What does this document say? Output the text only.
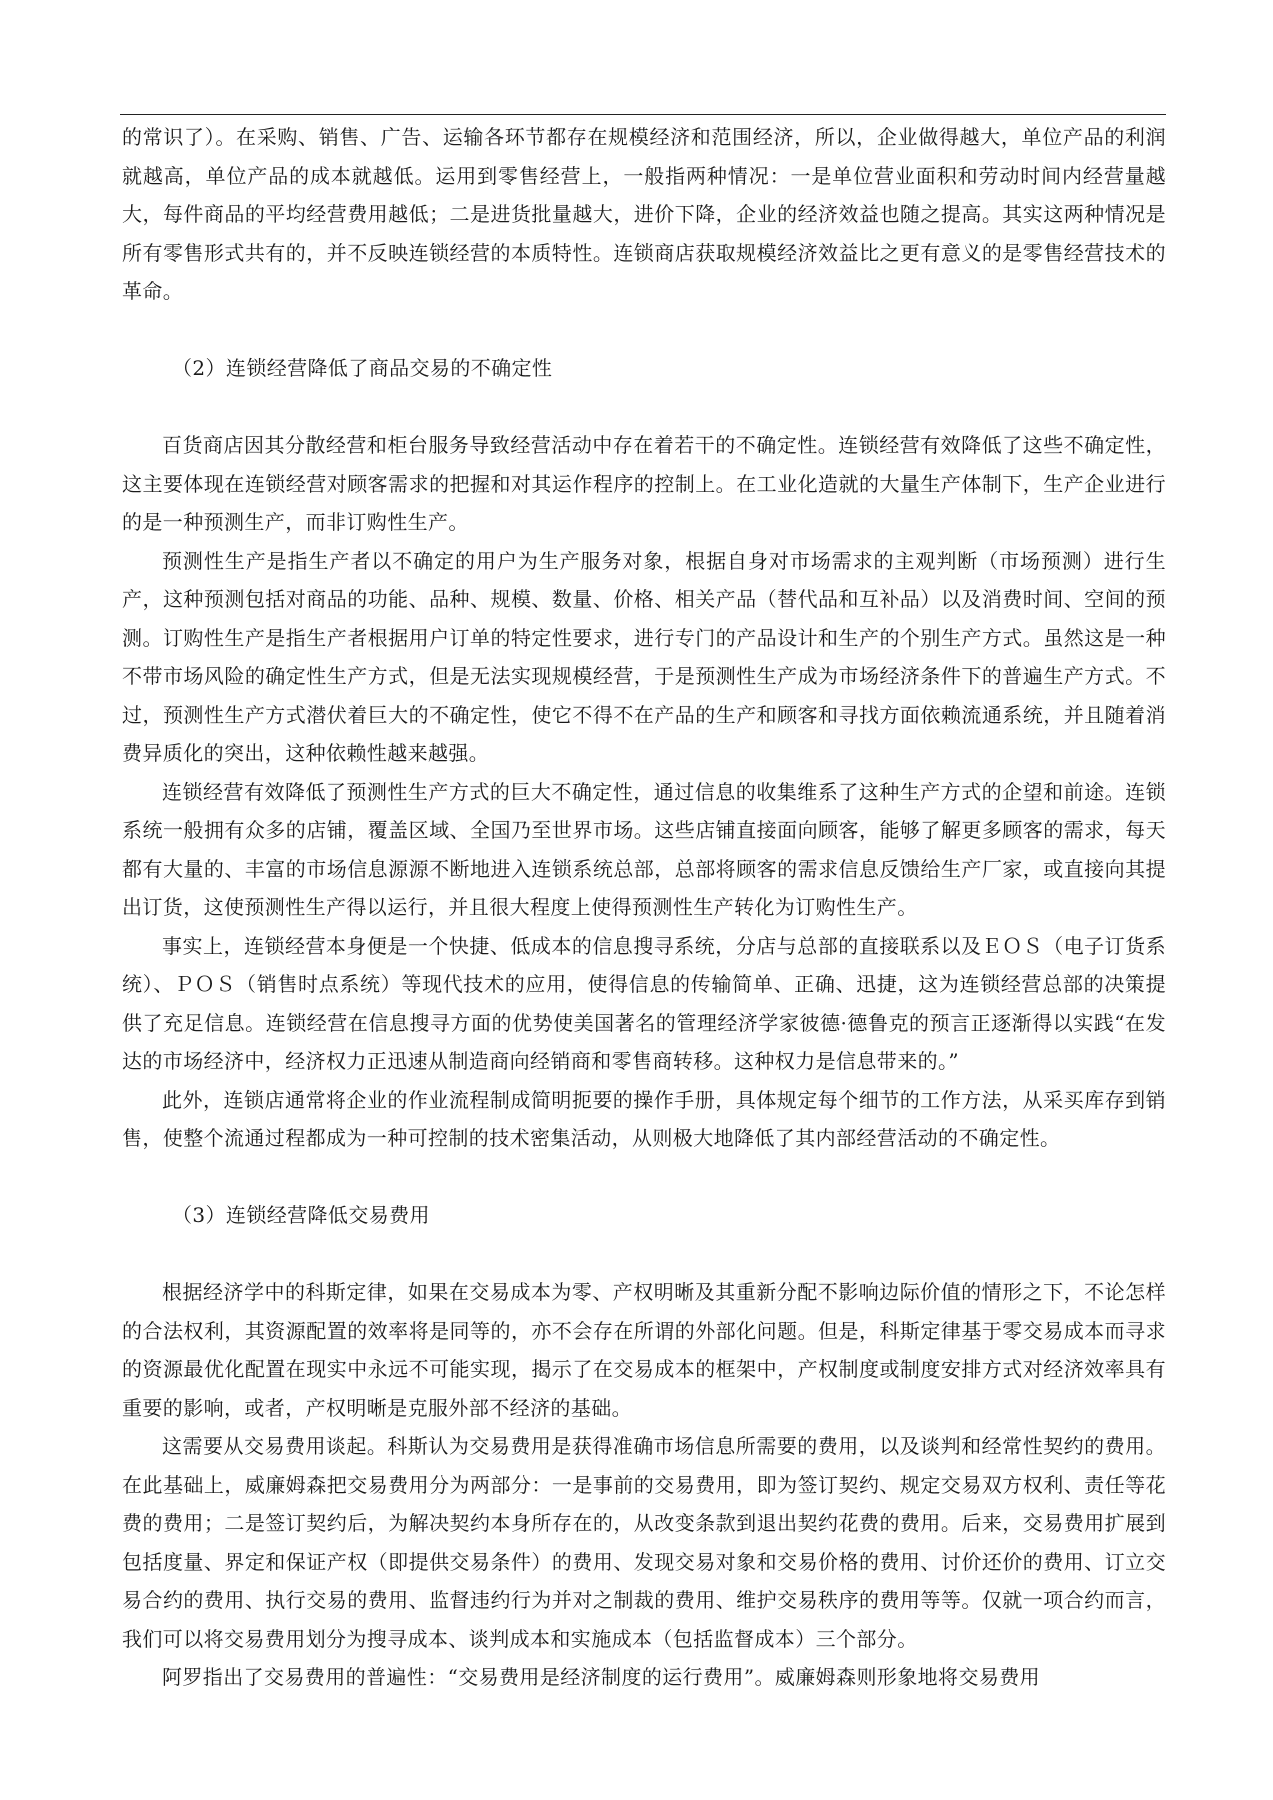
的常识了）。在采购、销售、广告、运输各环节都存在规模经济和范围经济，所以，企业做得越大，单位产品的利润就越高，单位产品的成本就越低。运用到零售经营上，一般指两种情况：一是单位营业面积和劳动时间内经营量越大，每件商品的平均经营费用越低；二是进货批量越大，进价下降，企业的经济效益也随之提高。其实这两种情况是所有零售形式共有的，并不反映连锁经营的本质特性。连锁商店获取规模经济效益比之更有意义的是零售经营技术的革命。

（2）连锁经营降低了商品交易的不确定性

百货商店因其分散经营和柜台服务导致经营活动中存在着若干的不确定性。连锁经营有效降低了这些不确定性，这主要体现在连锁经营对顾客需求的把握和对其运作程序的控制上。在工业化造就的大量生产体制下，生产企业进行的是一种预测生产，而非订购性生产。

预测性生产是指生产者以不确定的用户为生产服务对象，根据自身对市场需求的主观判断（市场预测）进行生产，这种预测包括对商品的功能、品种、规模、数量、价格、相关产品（替代品和互补品）以及消费时间、空间的预测。订购性生产是指生产者根据用户订单的特定性要求，进行专门的产品设计和生产的个别生产方式。虽然这是一种不带市场风险的确定性生产方式，但是无法实现规模经营，于是预测性生产成为市场经济条件下的普遍生产方式。不过，预测性生产方式潜伏着巨大的不确定性，使它不得不在产品的生产和顾客和寻找方面依赖流通系统，并且随着消费异质化的突出，这种依赖性越来越强。

连锁经营有效降低了预测性生产方式的巨大不确定性，通过信息的收集维系了这种生产方式的企望和前途。连锁系统一般拥有众多的店铺，覆盖区域、全国乃至世界市场。这些店铺直接面向顾客，能够了解更多顾客的需求，每天都有大量的、丰富的市场信息源源不断地进入连锁系统总部，总部将顾客的需求信息反馈给生产厂家，或直接向其提出订货，这使预测性生产得以运行，并且很大程度上使得预测性生产转化为订购性生产。

事实上，连锁经营本身便是一个快捷、低成本的信息搜寻系统，分店与总部的直接联系以及ＥＯＳ（电子订货系统）、ＰＯＳ（销售时点系统）等现代技术的应用，使得信息的传输简单、正确、迅捷，这为连锁经营总部的决策提供了充足信息。连锁经营在信息搜寻方面的优势使美国著名的管理经济学家彼德·德鲁克的预言正逐渐得以实践“在发达的市场经济中，经济权力正迅速从制造商向经销商和零售商转移。这种权力是信息带来的。”

此外，连锁店通常将企业的作业流程制成简明扼要的操作手册，具体规定每个细节的工作方法，从采买库存到销售，使整个流通过程都成为一种可控制的技术密集活动，从则极大地降低了其内部经营活动的不确定性。

（3）连锁经营降低交易费用

根据经济学中的科斯定律，如果在交易成本为零、产权明晰及其重新分配不影响边际价值的情形之下，不论怎样的合法权利，其资源配置的效率将是同等的，亦不会存在所谓的外部化问题。但是，科斯定律基于零交易成本而寻求的资源最优化配置在现实中永远不可能实现，揭示了在交易成本的框架中，产权制度或制度安排方式对经济效率具有重要的影响，或者，产权明晰是克服外部不经济的基础。

这需要从交易费用谈起。科斯认为交易费用是获得准确市场信息所需要的费用，以及谈判和经常性契约的费用。在此基础上，威廉姆森把交易费用分为两部分：一是事前的交易费用，即为签订契约、规定交易双方权利、责任等花费的费用；二是签订契约后，为解决契约本身所存在的，从改变条款到退出契约花费的费用。后来，交易费用扩展到包括度量、界定和保证产权（即提供交易条件）的费用、发现交易对象和交易价格的费用、讨价还价的费用、订立交易合约的费用、执行交易的费用、监督违约行为并对之制裁的费用、维护交易秩序的费用等等。仅就一项合约而言，我们可以将交易费用划分为搜寻成本、谈判成本和实施成本（包括监督成本）三个部分。

阿罗指出了交易费用的普遍性：“交易费用是经济制度的运行费用”。威廉姆森则形象地将交易费用
